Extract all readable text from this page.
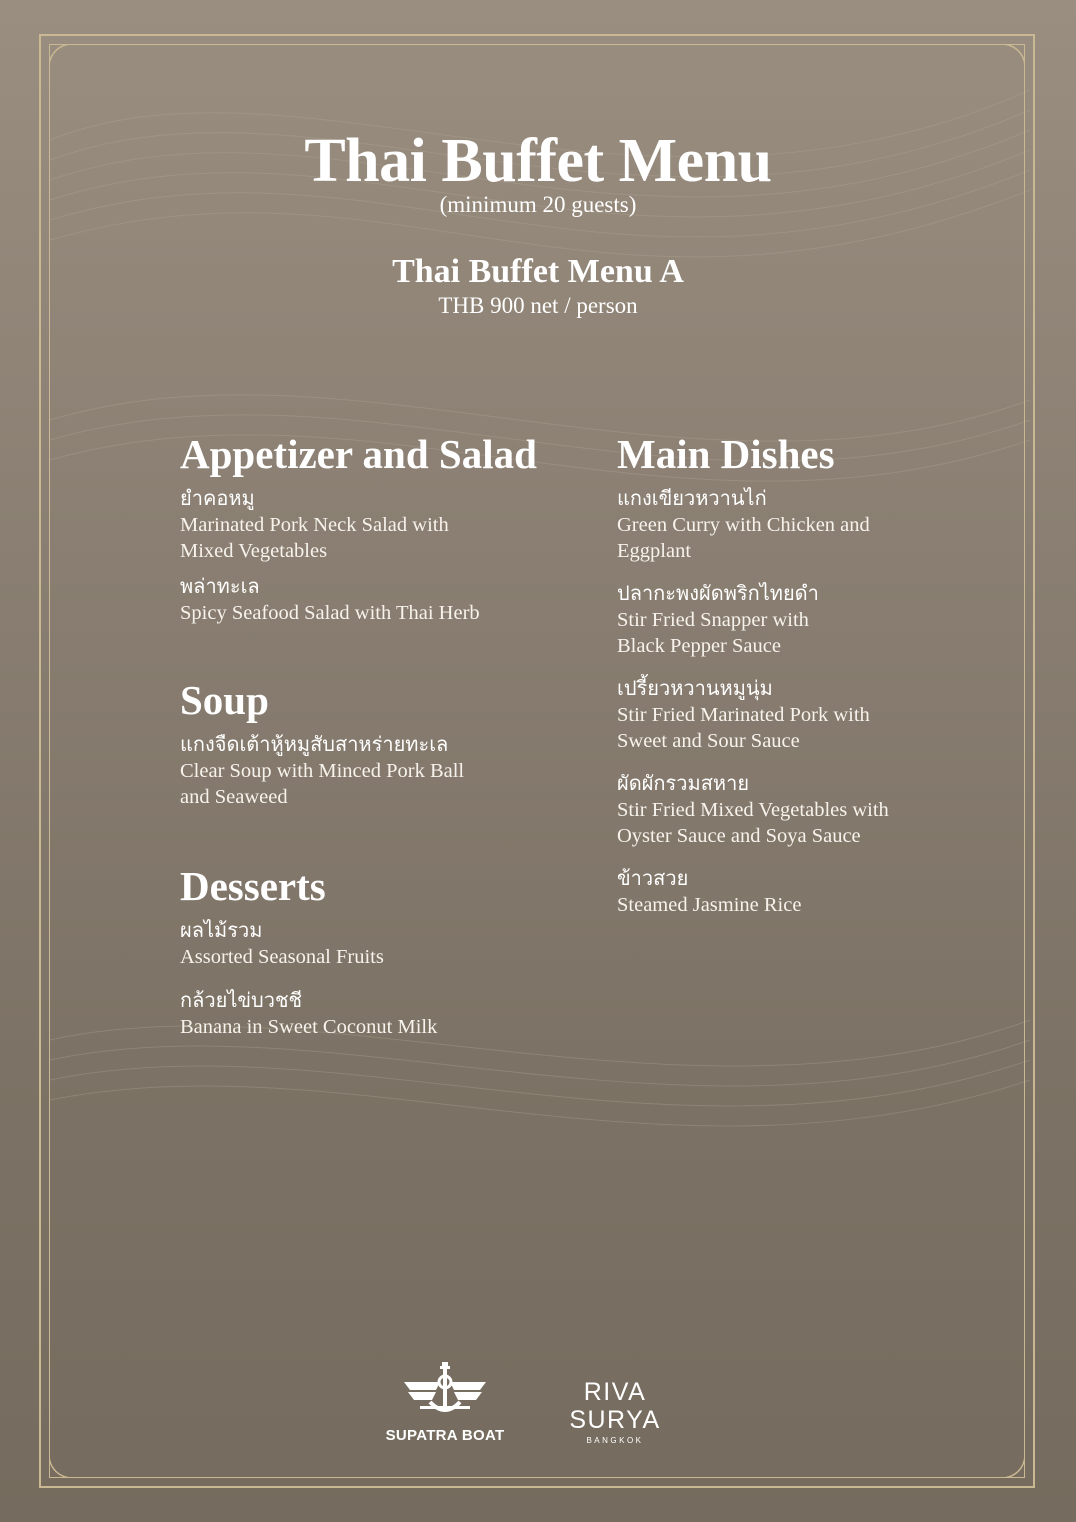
Thai Buffet Menu
(minimum 20 guests)
Thai Buffet Menu A
THB 900 net / person
Appetizer and Salad
ยำคอหมู
Marinated Pork Neck Salad with
Mixed Vegetables
พล่าทะเล
Spicy Seafood Salad with Thai Herb
Soup
แกงจืดเต้าหู้หมูสับสาหร่ายทะเล
Clear Soup with Minced Pork Ball
and Seaweed
Desserts
ผลไม้รวม
Assorted Seasonal Fruits
กล้วยไข่บวชชี
Banana in Sweet Coconut Milk
Main Dishes
แกงเขียวหวานไก่
Green Curry with Chicken and
Eggplant
ปลากะพงผัดพริกไทยดำ
Stir Fried Snapper with
Black Pepper Sauce
เปรี้ยวหวานหมูนุ่ม
Stir Fried Marinated Pork with
Sweet and Sour Sauce
ผัดผักรวมสหาย
Stir Fried Mixed Vegetables with
Oyster Sauce and Soya Sauce
ข้าวสวย
Steamed Jasmine Rice
SUPATRA BOAT
RIVA SURYA
BANGKOK
